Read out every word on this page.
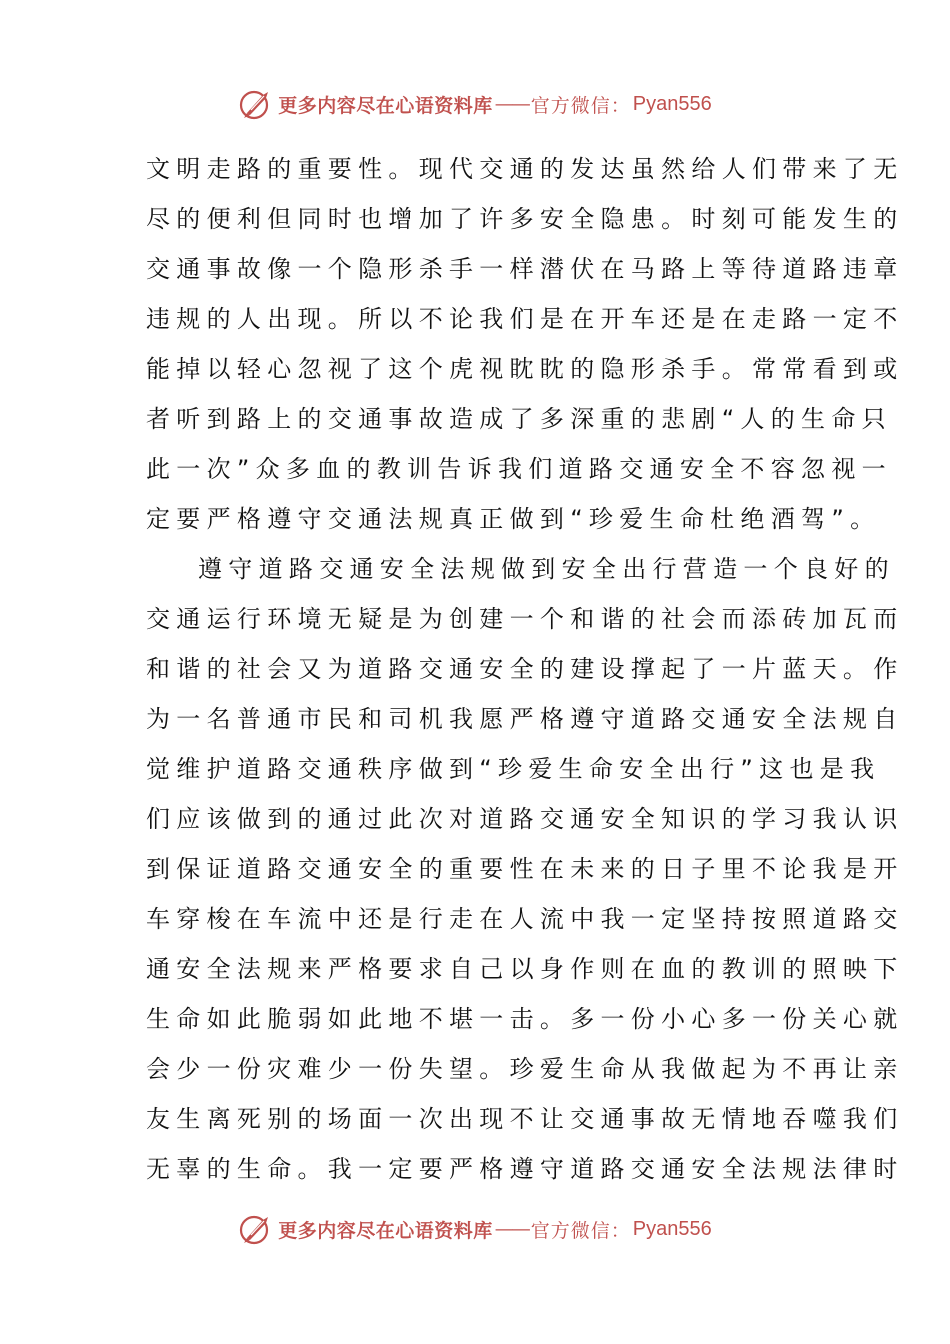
更多内容尽在心语资料库 —— 官方微信： Pyan556
文明走路的重要性。现代交通的发达虽然给人们带来了无
尽的便利但同时也增加了许多安全隐患。时刻可能发生的
交通事故像一个隐形杀手一样潜伏在马路上等待道路违章
违规的人出现。所以不论我们是在开车还是在走路一定不
能掉以轻心忽视了这个虎视眈眈的隐形杀手。常常看到或
者听到路上的交通事故造成了多深重的悲剧“人的生命只
此一次”众多血的教训告诉我们道路交通安全不容忽视一
定要严格遵守交通法规真正做到“珍爱生命杜绝酒驾”。
遵守道路交通安全法规做到安全出行营造一个良好的
交通运行环境无疑是为创建一个和谐的社会而添砖加瓦而
和谐的社会又为道路交通安全的建设撑起了一片蓝天。作
为一名普通市民和司机我愿严格遵守道路交通安全法规自
觉维护道路交通秩序做到“珍爱生命安全出行”这也是我
们应该做到的通过此次对道路交通安全知识的学习我认识
到保证道路交通安全的重要性在未来的日子里不论我是开
车穿梭在车流中还是行走在人流中我一定坚持按照道路交
通安全法规来严格要求自己以身作则在血的教训的照映下
生命如此脆弱如此地不堪一击。多一份小心多一份关心就
会少一份灾难少一份失望。珍爱生命从我做起为不再让亲
友生离死别的场面一次出现不让交通事故无情地吞噬我们
无辜的生命。我一定要严格遵守道路交通安全法规法律时
更多内容尽在心语资料库 —— 官方微信： Pyan556
